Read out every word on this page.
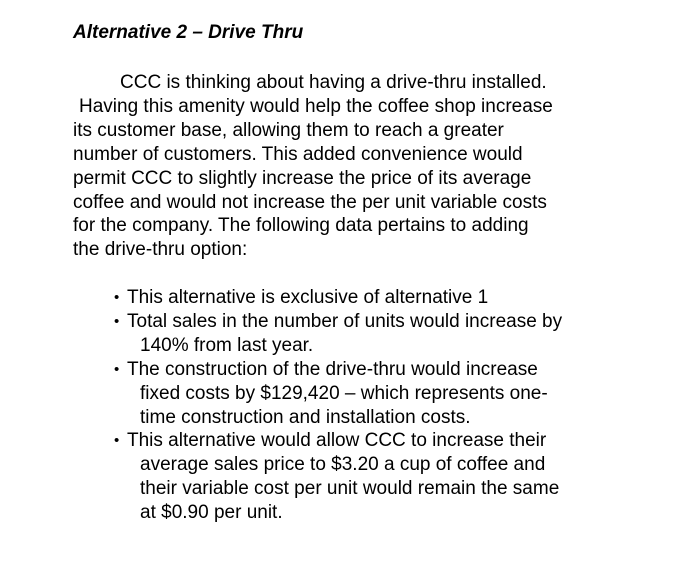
Alternative 2 – Drive Thru
CCC is thinking about having a drive-thru installed.
Having this amenity would help the coffee shop increase
its customer base, allowing them to reach a greater
number of customers. This added convenience would
permit CCC to slightly increase the price of its average
coffee and would not increase the per unit variable costs
for the company. The following data pertains to adding
the drive-thru option:
• This alternative is exclusive of alternative 1
• Total sales in the number of units would increase by
140% from last year.
• The construction of the drive-thru would increase
fixed costs by $129,420 – which represents one-
time construction and installation costs.
• This alternative would allow CCC to increase their
average sales price to $3.20 a cup of coffee and
their variable cost per unit would remain the same
at $0.90 per unit.
